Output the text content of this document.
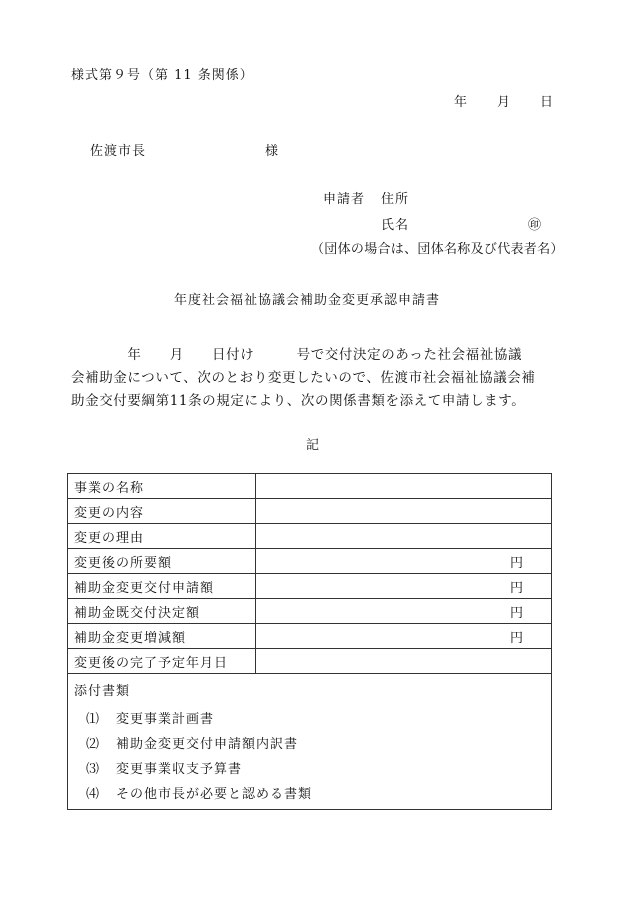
様式第９号（第 11 条関係）
年 月 日
佐渡市長	様
申請者 住所
氏名	㊞
（団体の場合は、団体名称及び代表者名）
年度社会福祉協議会補助金変更承認申請書
　　　　年　　月　　日付け　　　号で交付決定のあった社会福祉協議
会補助金について、次のとおり変更したいので、佐渡市社会福祉協議会補
助金交付要綱第11条の規定により、次の関係書類を添えて申請します。
記
事業の名称	
変更の内容	
変更の理由	
変更後の所要額	円
補助金変更交付申請額	円
補助金既交付決定額	円
補助金変更増減額	円
変更後の完了予定年月日	

添付書類
⑴ 変更事業計画書
⑵ 補助金変更交付申請額内訳書
⑶ 変更事業収支予算書
⑷ その他市長が必要と認める書類	
